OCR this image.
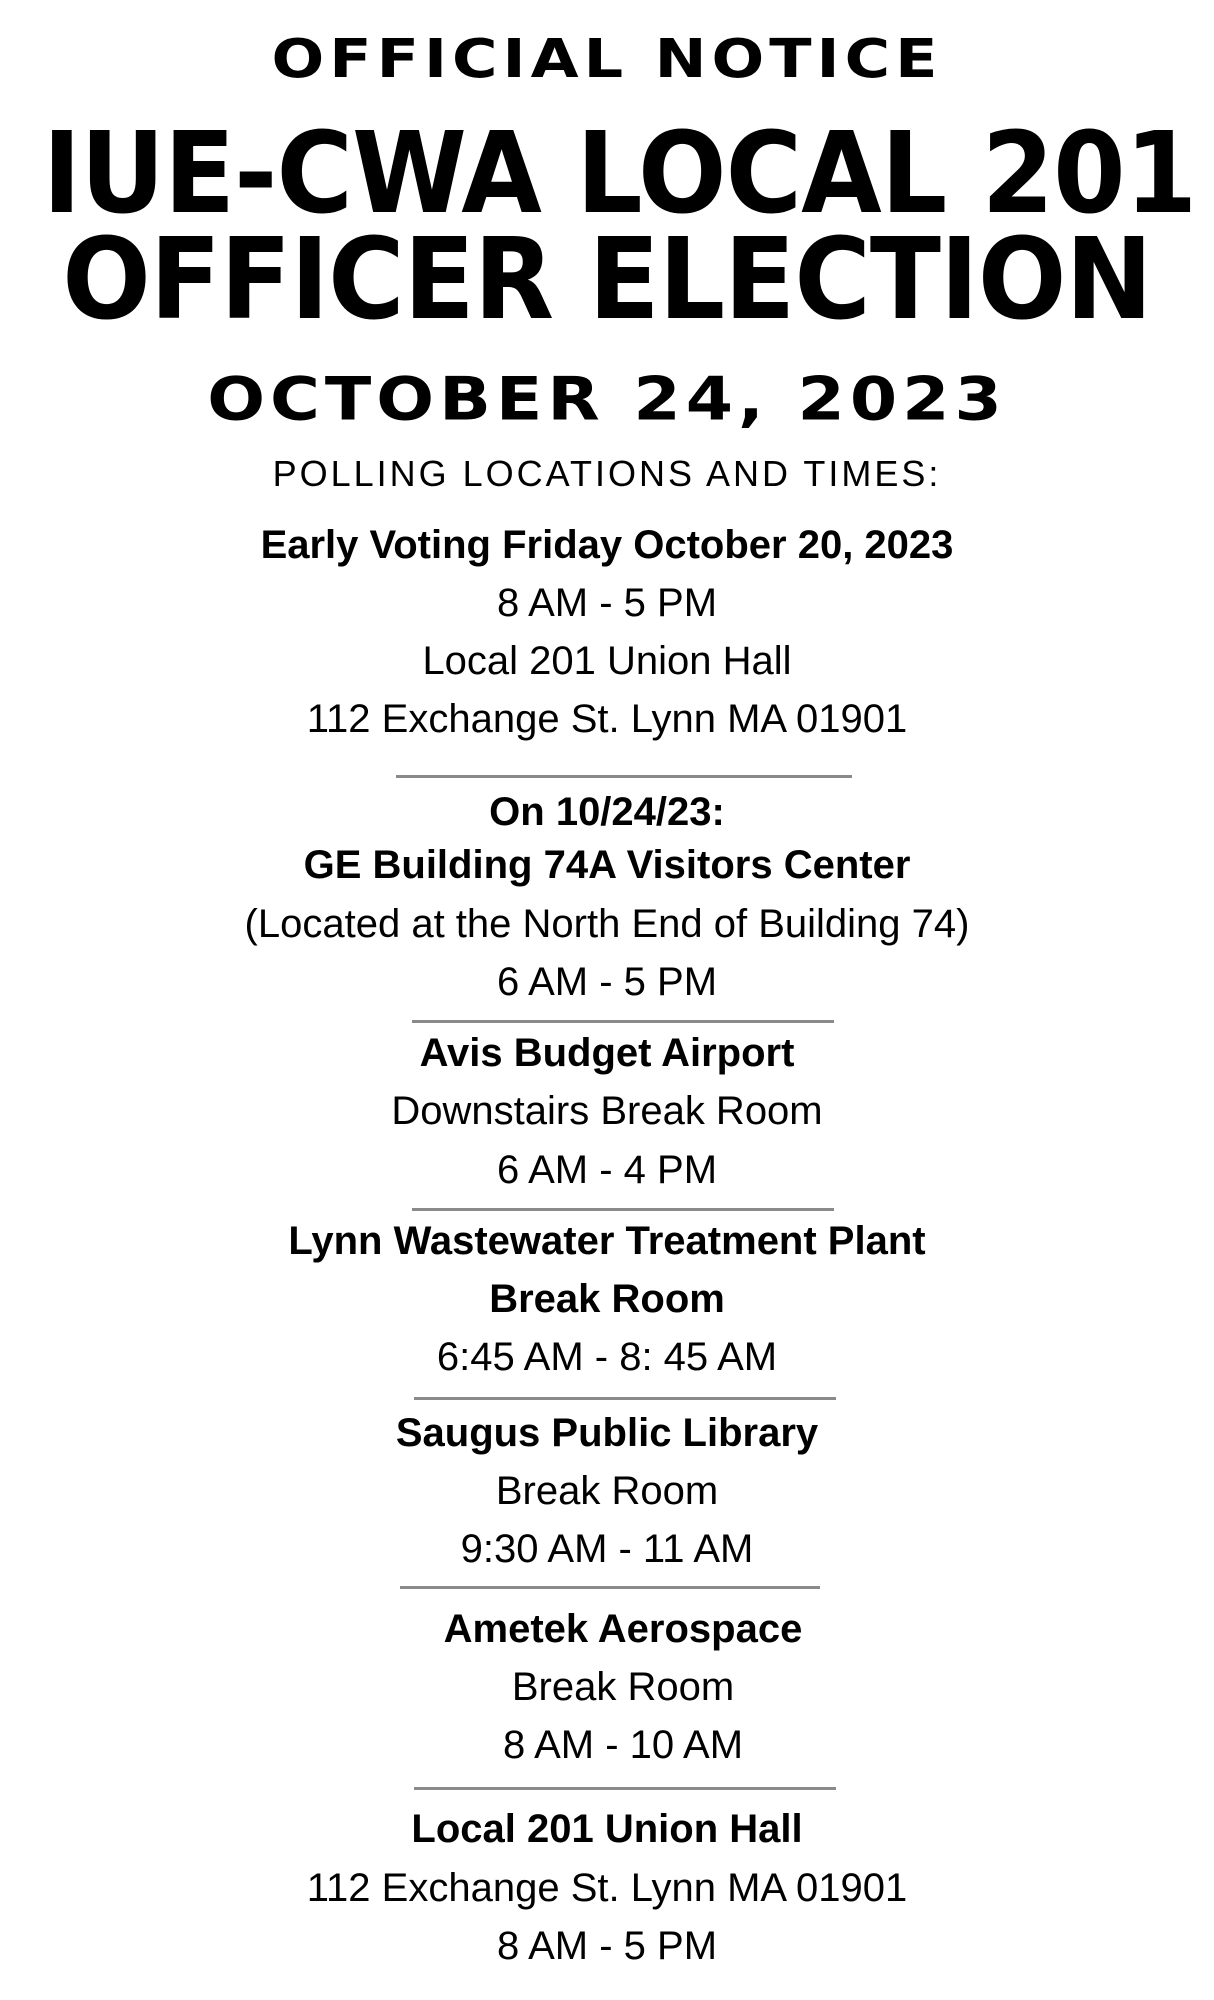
OFFICIAL NOTICE
IUE-CWA LOCAL 201
OFFICER ELECTION
OCTOBER 24, 2023
POLLING LOCATIONS AND TIMES:
Early Voting Friday October 20, 2023
8 AM - 5 PM
Local 201 Union Hall
112 Exchange St. Lynn MA 01901
On 10/24/23:
GE Building 74A Visitors Center
(Located at the North End of Building 74)
6 AM - 5 PM
Avis Budget Airport
Downstairs Break Room
6 AM - 4 PM
Lynn Wastewater Treatment Plant
Break Room
6:45 AM - 8: 45 AM
Saugus Public Library
Break Room
9:30 AM - 11 AM
Ametek Aerospace
Break Room
8 AM - 10 AM
Local 201 Union Hall
112 Exchange St. Lynn MA 01901
8 AM - 5 PM
